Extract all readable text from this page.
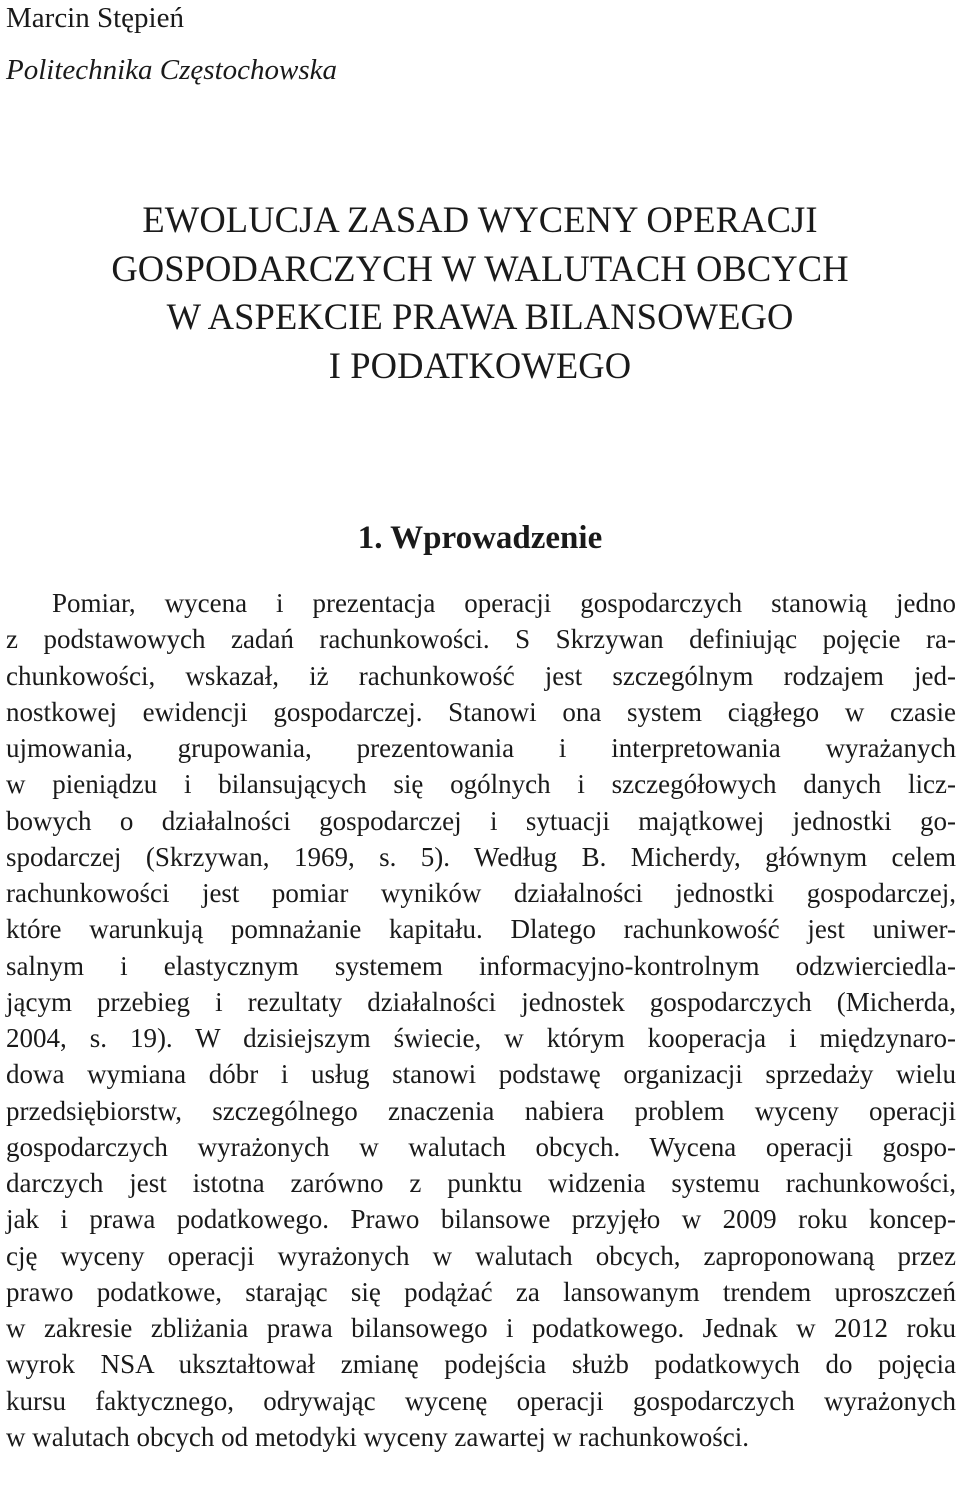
Marcin Stępień

Politechnika Częstochowska

EWOLUCJA ZASAD WYCENY OPERACJI
GOSPODARCZYCH W WALUTACH OBCYCH
W ASPEKCIE PRAWA BILANSOWEGO
I PODATKOWEGO
1. Wprowadzenie
Pomiar, wycena i prezentacja operacji gospodarczych stanowią jedno
z podstawowych zadań rachunkowości. S Skrzywan definiując pojęcie ra-
chunkowości, wskazał, iż rachunkowość jest szczególnym rodzajem jed-
nostkowej ewidencji gospodarczej. Stanowi ona system ciągłego w czasie
ujmowania, grupowania, prezentowania i interpretowania wyrażanych
w pieniądzu i bilansujących się ogólnych i szczegółowych danych licz-
bowych o działalności gospodarczej i sytuacji majątkowej jednostki go-
spodarczej (Skrzywan, 1969, s. 5). Według B. Micherdy, głównym celem
rachunkowości jest pomiar wyników działalności jednostki gospodarczej,
które warunkują pomnażanie kapitału. Dlatego rachunkowość jest uniwer-
salnym i elastycznym systemem informacyjno-kontrolnym odzwierciedla-
jącym przebieg i rezultaty działalności jednostek gospodarczych (Micherda,
2004, s. 19). W dzisiejszym świecie, w którym kooperacja i międzynaro-
dowa wymiana dóbr i usług stanowi podstawę organizacji sprzedaży wielu
przedsiębiorstw, szczególnego znaczenia nabiera problem wyceny operacji
gospodarczych wyrażonych w walutach obcych. Wycena operacji gospo-
darczych jest istotna zarówno z punktu widzenia systemu rachunkowości,
jak i prawa podatkowego. Prawo bilansowe przyjęło w 2009 roku koncep-
cję wyceny operacji wyrażonych w walutach obcych, zaproponowaną przez
prawo podatkowe, starając się podążać za lansowanym trendem uproszczeń
w zakresie zbliżania prawa bilansowego i podatkowego. Jednak w 2012 roku
wyrok NSA ukształtował zmianę podejścia służb podatkowych do pojęcia
kursu faktycznego, odrywając wycenę operacji gospodarczych wyrażonych
w walutach obcych od metodyki wyceny zawartej w rachunkowości.
